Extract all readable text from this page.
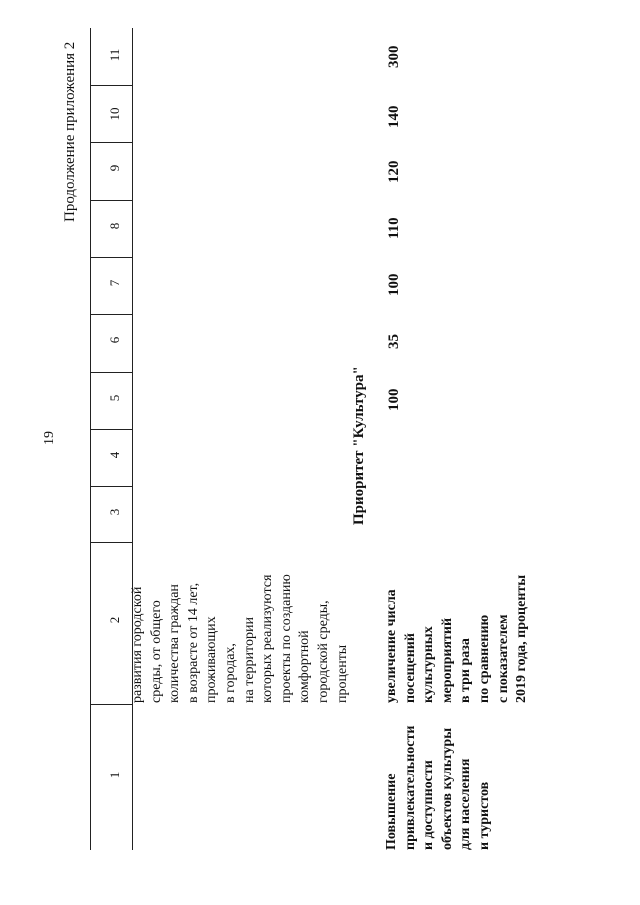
19
Продолжение приложения 2
1
2
3
4
5
6
7
8
9
10
11
развития городской среды, от общего количества граждан в возрасте от 14 лет, проживающих в городах, на территории которых реализуются проекты по созданию комфортной городской среды, проценты
Приоритет "Культура"
Повышение привлекательности и доступности объектов культуры для населения и туристов
увеличение числа посещений культурных мероприятий в три раза по сравнению с показателем 2019 года, проценты
100
35
100
110
120
140
300
